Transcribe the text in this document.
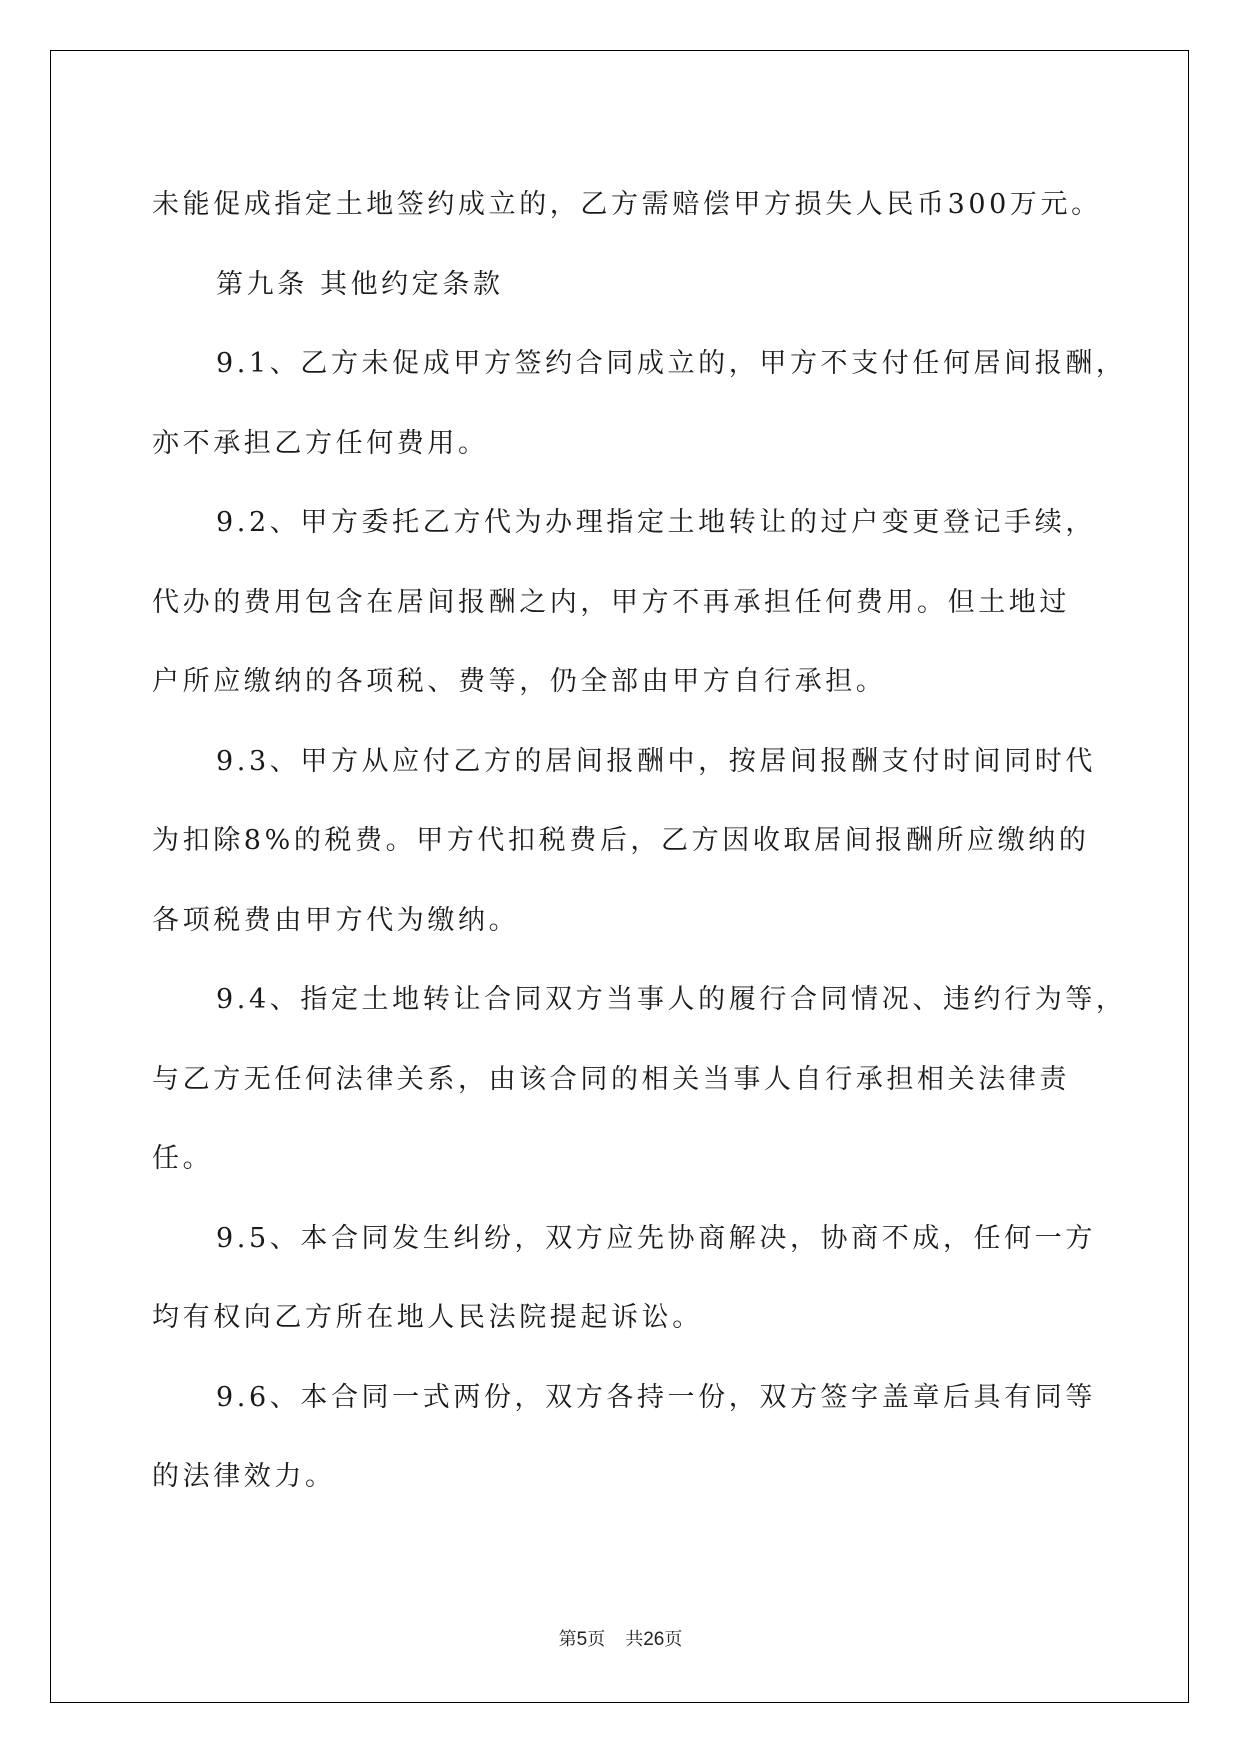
未能促成指定土地签约成立的，乙方需赔偿甲方损失人民币300万元。
第九条 其他约定条款
9.1、乙方未促成甲方签约合同成立的，甲方不支付任何居间报酬，
亦不承担乙方任何费用。
9.2、甲方委托乙方代为办理指定土地转让的过户变更登记手续，
代办的费用包含在居间报酬之内，甲方不再承担任何费用。但土地过
户所应缴纳的各项税、费等，仍全部由甲方自行承担。
9.3、甲方从应付乙方的居间报酬中，按居间报酬支付时间同时代
为扣除8%的税费。甲方代扣税费后，乙方因收取居间报酬所应缴纳的
各项税费由甲方代为缴纳。
9.4、指定土地转让合同双方当事人的履行合同情况、违约行为等，
与乙方无任何法律关系，由该合同的相关当事人自行承担相关法律责
任。
9.5、本合同发生纠纷，双方应先协商解决，协商不成，任何一方
均有权向乙方所在地人民法院提起诉讼。
9.6、本合同一式两份，双方各持一份，双方签字盖章后具有同等
的法律效力。
第5页 共26页
